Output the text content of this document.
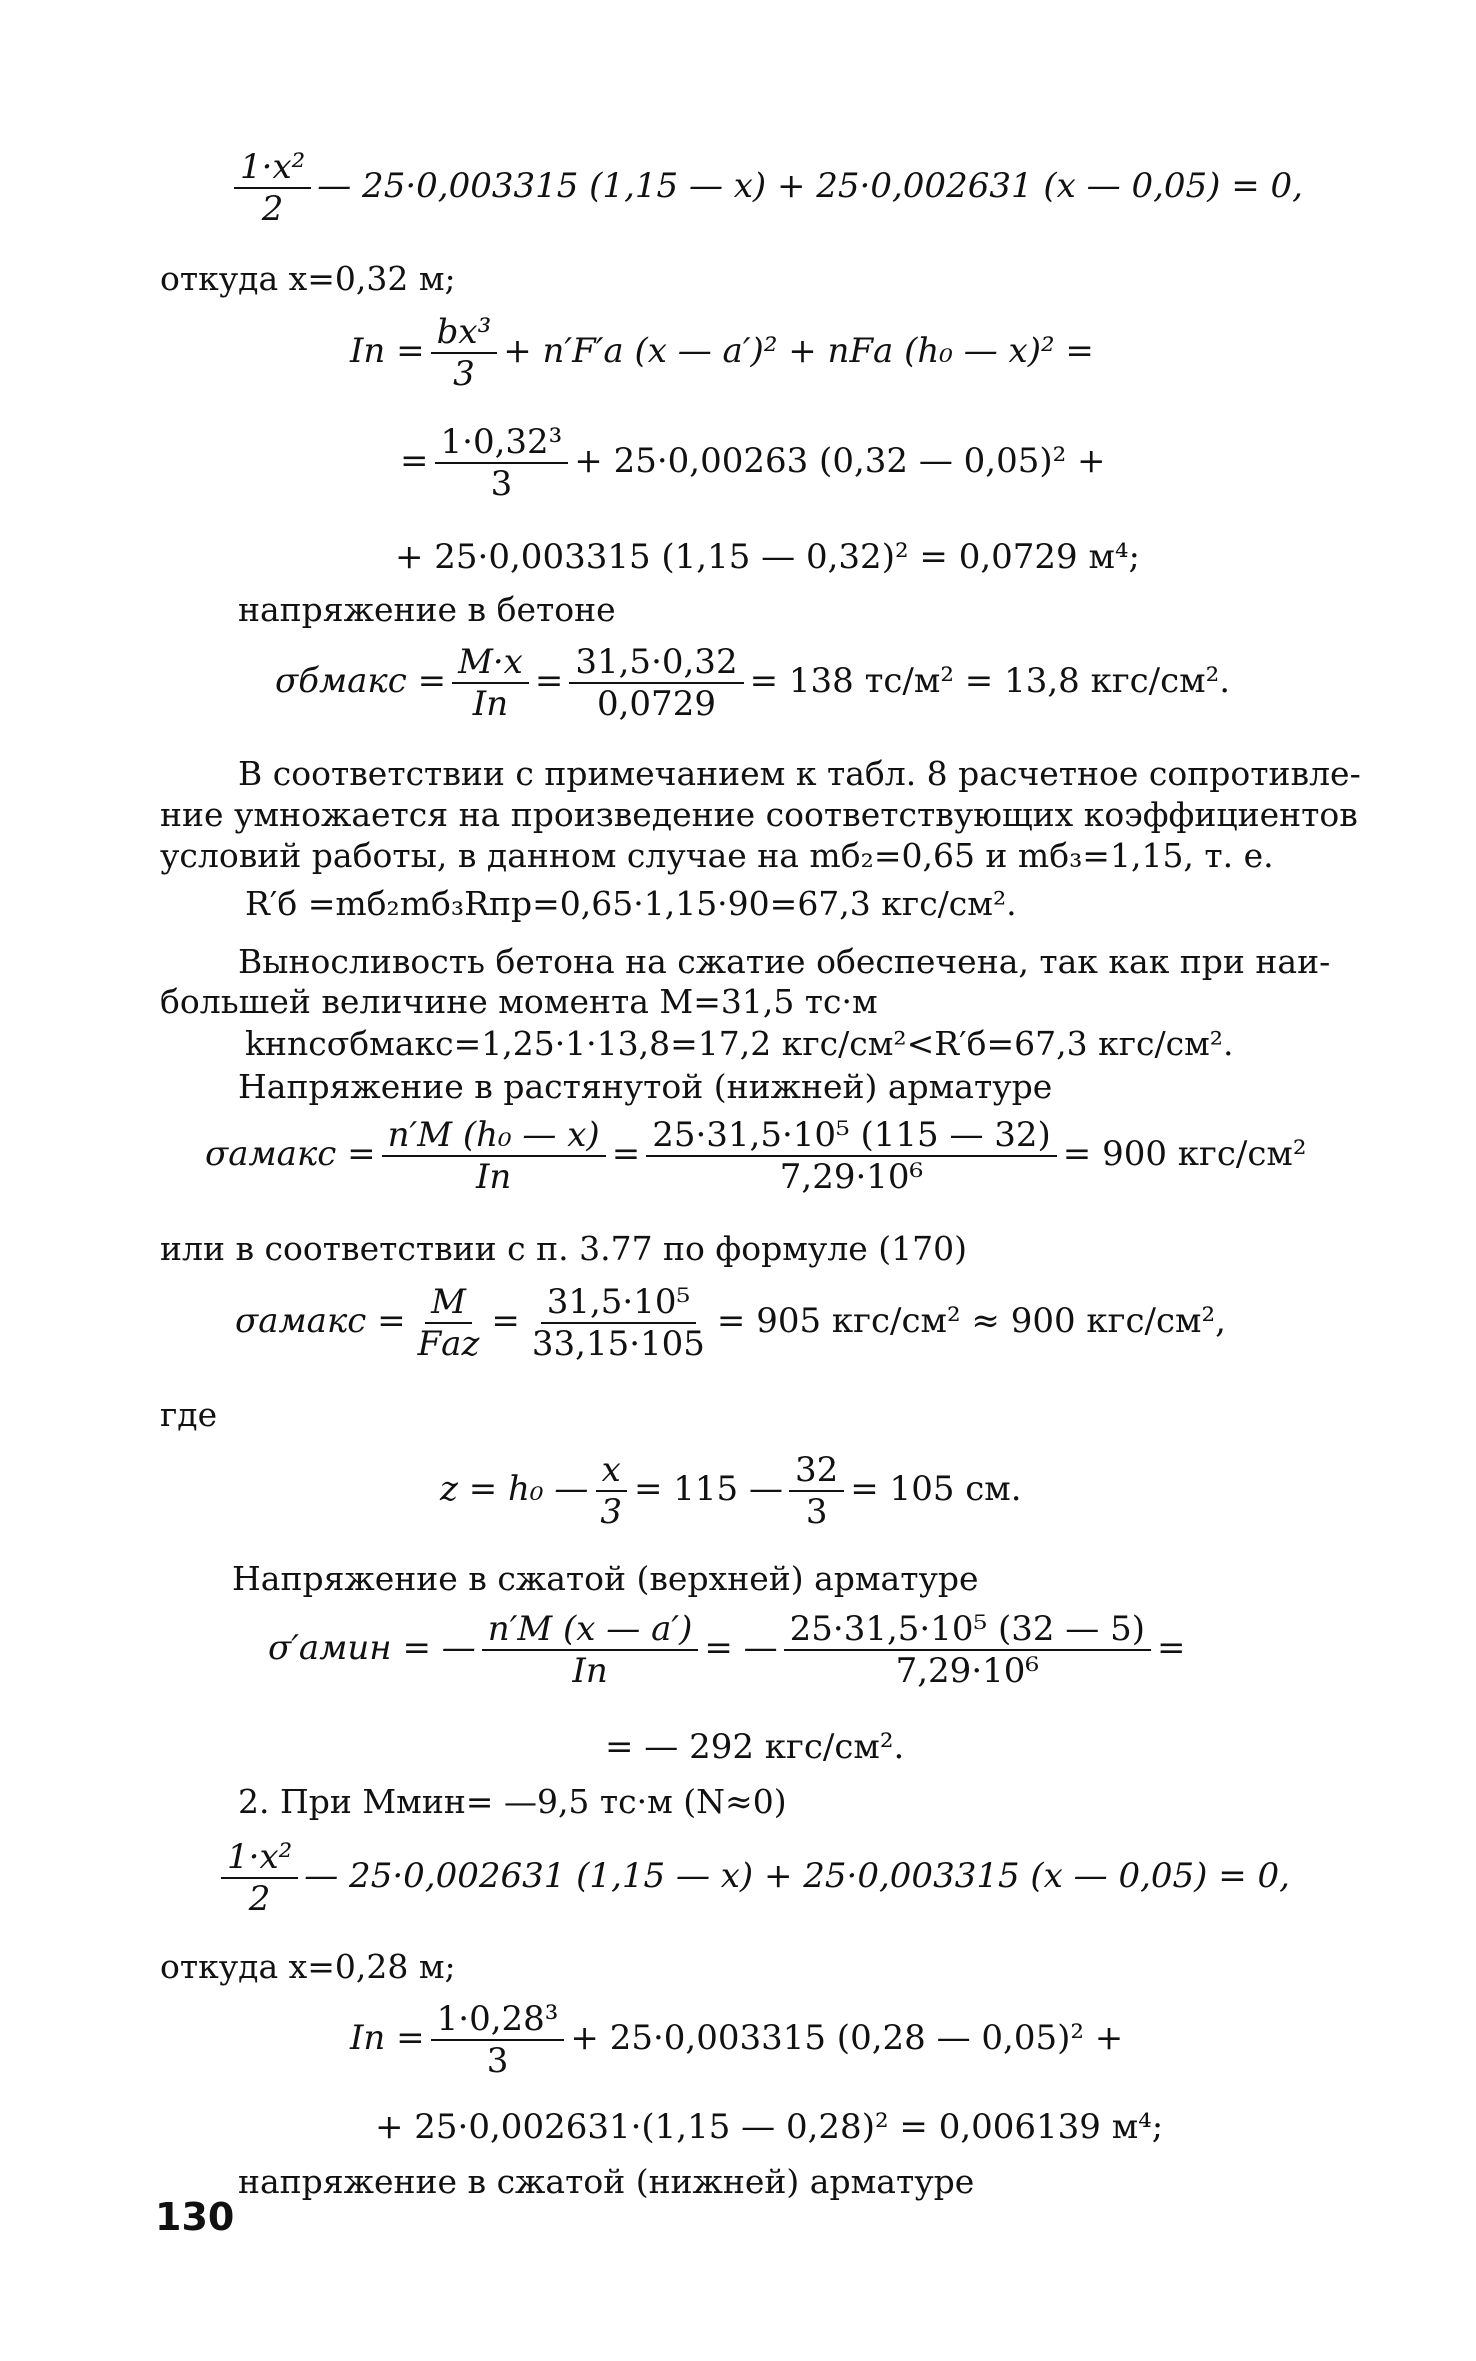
$\frac{\text{1·x²}}{2}$ — 25·0,003315 (1,15 — x) + 25·0,002631 (x — 0,05) = 0,
откуда x=0,32 м;
Iп = $\frac{\text{bx³}}{3} + n'F'а$ (x — a′)² + nFа (h₀ — x)² =
= $\frac{\text{1·0,32³}}{3} + 25\cdot 0,00263$ (0,32 — 0,05)² +
+ 25·0,003315 (1,15 — 0,32)² = 0,0729 м⁴;
напряжение в бетоне
σбмакс = $\frac{M\cdot x}{Iп} = \frac{31,5\cdot 0,32}{0,0729} = 138$ тс/м² = 13,8 кгс/см².
В соответствии с примечанием к табл. 8 расчетное сопротивле-
ние умножается на произведение соответствующих коэффициентов
условий работы, в данном случае на mб₂=0,65 и mб₃=1,15, т. е.
R′б =mб₂mб₃Rпр=0,65·1,15·90=67,3 кгс/см².
Выносливость бетона на сжатие обеспечена, так как при наи-
большей величине момента M=31,5 тс·м
kнncσбмакс=1,25·1·13,8=17,2 кгс/см²<R′б=67,3 кгс/см².
Напряжение в растянутой (нижней) арматуре
σамакс = $\frac{\text{n′M (h₀ — x)}}{Iп} = \frac{\text{25·31,5·10⁵ (115 — 32)}}{\text{7,29·10⁶}} = 900$ кгс/см²
или в соответствии с п. 3.77 по формуле (170)
σамакс = $\frac{M}{\text{Fаz}} = \frac{\text{31,5·10⁵}}{33,15\cdot 105} = 905$ кгс/см² ≈ 900 кгс/см²,
где
z = h₀ — $\frac{x}{3} = 115$ — $\frac{32}{3} = 105$ см.
Напряжение в сжатой (верхней) арматуре
σ′амин = — $\frac{n'M (x — a')}{Iп}$ = — $\frac{\text{25·31,5·10⁵ (32 — 5)}}{\text{7,29·10⁶}}$ =
= — 292 кгс/см².
2. При Mмин= —9,5 тс·м (N≈0)
$\frac{\text{1·x²}}{2}$ — 25·0,002631 (1,15 — x) + 25·0,003315 (x — 0,05) = 0,
откуда x=0,28 м;
Iп = $\frac{\text{1·0,28³}}{3} + 25\cdot 0,003315$ (0,28 — 0,05)² +
+ 25·0,002631·(1,15 — 0,28)² = 0,006139 м⁴;
напряжение в сжатой (нижней) арматуре
130
